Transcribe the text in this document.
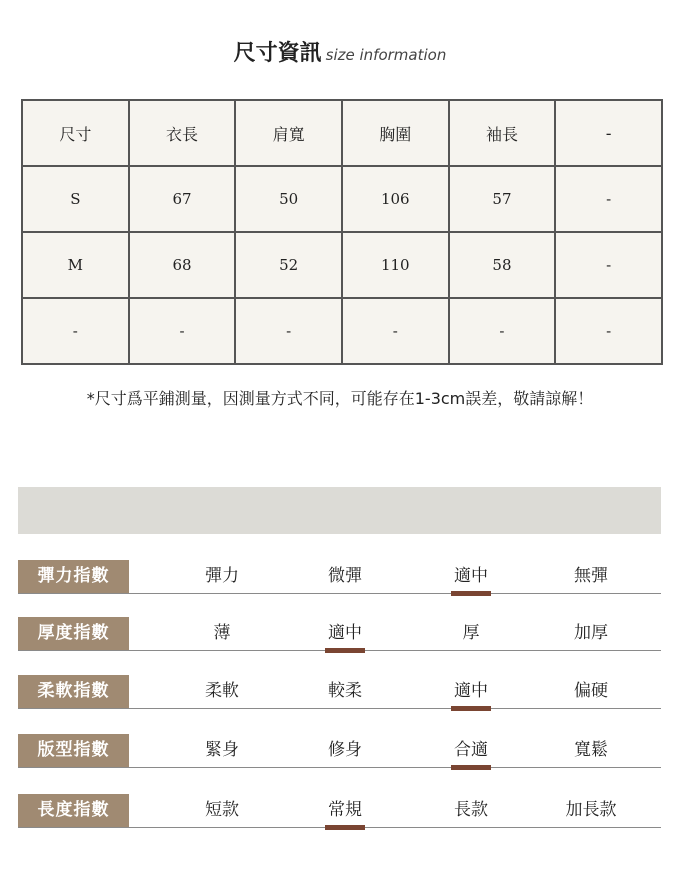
尺寸資訊 size information
尺寸	衣長	肩寬	胸圍	袖長	-
S	67	50	106	57	-
M	68	52	110	58	-
-	-	-	-	-	-
*尺寸爲平鋪測量，因測量方式不同，可能存在1-3cm誤差，敬請諒解！
彈力指數	彈力	微彈	適中	無彈
厚度指數	薄	適中	厚	加厚
柔軟指數	柔軟	較柔	適中	偏硬
版型指數	緊身	修身	合適	寬鬆
長度指數	短款	常規	長款	加長款
